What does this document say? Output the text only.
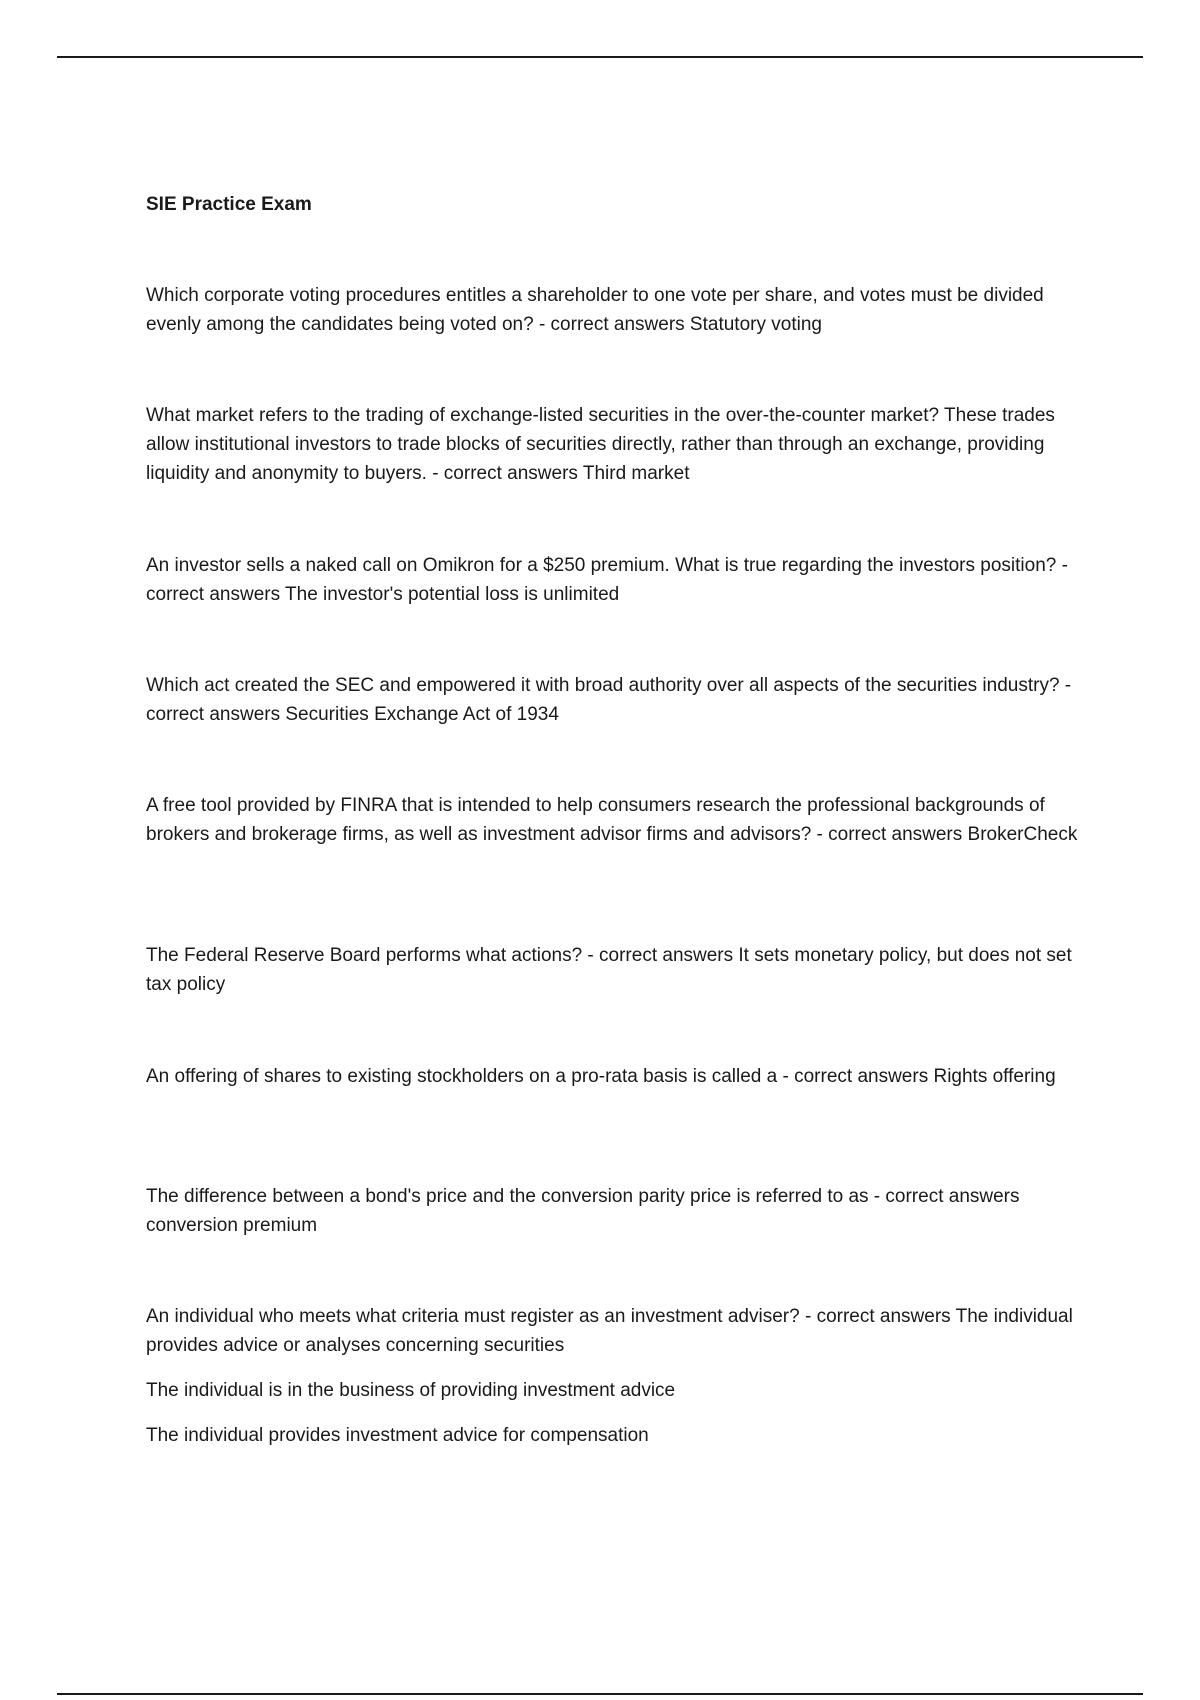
SIE Practice Exam

Which corporate voting procedures entitles a shareholder to one vote per share, and votes must be divided evenly among the candidates being voted on? - correct answers Statutory voting

What market refers to the trading of exchange-listed securities in the over-the-counter market? These trades allow institutional investors to trade blocks of securities directly, rather than through an exchange, providing liquidity and anonymity to buyers. - correct answers Third market

An investor sells a naked call on Omikron for a $250 premium. What is true regarding the investors position? - correct answers The investor's potential loss is unlimited

Which act created the SEC and empowered it with broad authority over all aspects of the securities industry? - correct answers Securities Exchange Act of 1934

A free tool provided by FINRA that is intended to help consumers research the professional backgrounds of brokers and brokerage firms, as well as investment advisor firms and advisors? - correct answers BrokerCheck

The Federal Reserve Board performs what actions? - correct answers It sets monetary policy, but does not set tax policy

An offering of shares to existing stockholders on a pro-rata basis is called a - correct answers Rights offering

The difference between a bond's price and the conversion parity price is referred to as - correct answers conversion premium

An individual who meets what criteria must register as an investment adviser? - correct answers The individual provides advice or analyses concerning securities

The individual is in the business of providing investment advice

The individual provides investment advice for compensation
